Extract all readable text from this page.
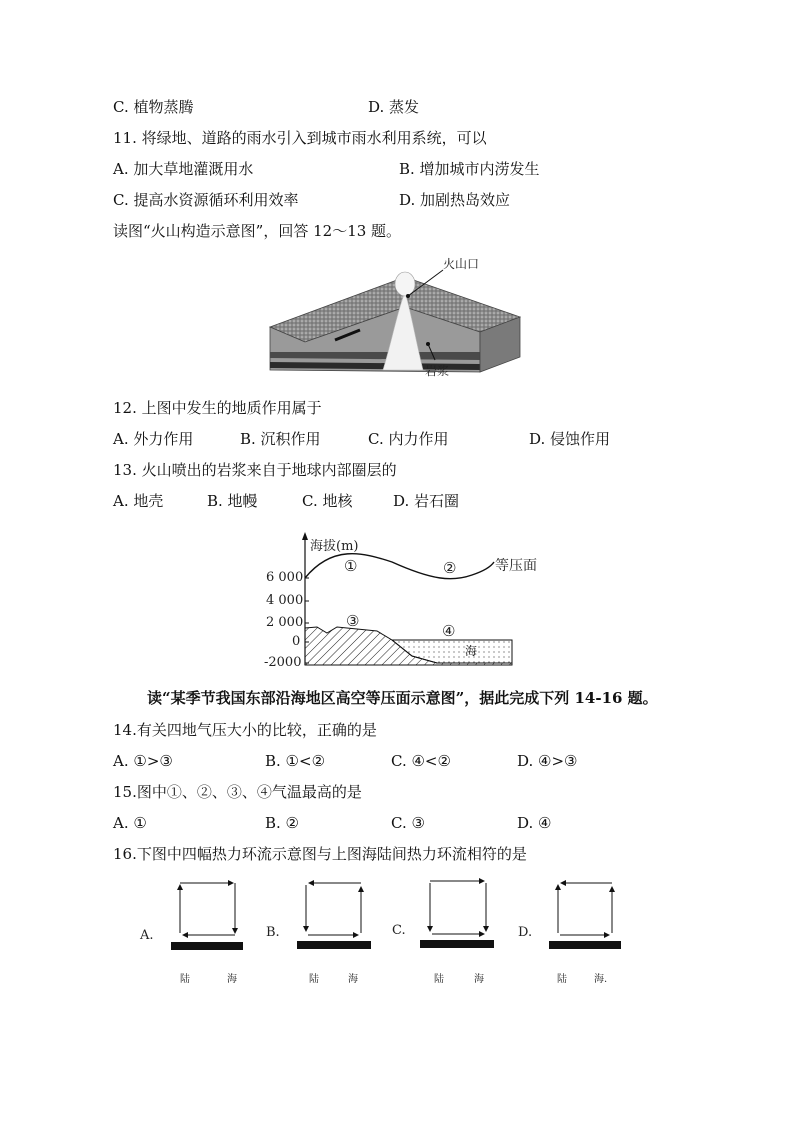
C. 植物蒸腾	D. 蒸发
11. 将绿地、道路的雨水引入到城市雨水利用系统，可以
A. 加大草地灌溉用水	B. 增加城市内涝发生
C. 提高水资源循环利用效率	D. 加剧热岛效应
读图“火山构造示意图”，回答 12～13 题。
火山口
岩浆
12. 上图中发生的地质作用属于
A. 外力作用	B. 沉积作用	C. 内力作用	D. 侵蚀作用
13. 火山喷出的岩浆来自于地球内部圈层的
A. 地壳	B. 地幔	C. 地核	D. 岩石圈
海拔(m)
6 000
4 000
2 000
0
-2000
①	②	等压面
③
④
海
读“某季节我国东部沿海地区高空等压面示意图”，据此完成下列 14-16 题。
14.有关四地气压大小的比较，正确的是
A. ①>③	B. ①<②	C. ④<②	D. ④>③
15.图中①、②、③、④气温最高的是
A. ①	B. ②	C. ③	D. ④
16.下图中四幅热力环流示意图与上图海陆间热力环流相符的是
A.
陆	海
B.
陆	海
C.
陆	海
D.
陆	海.
